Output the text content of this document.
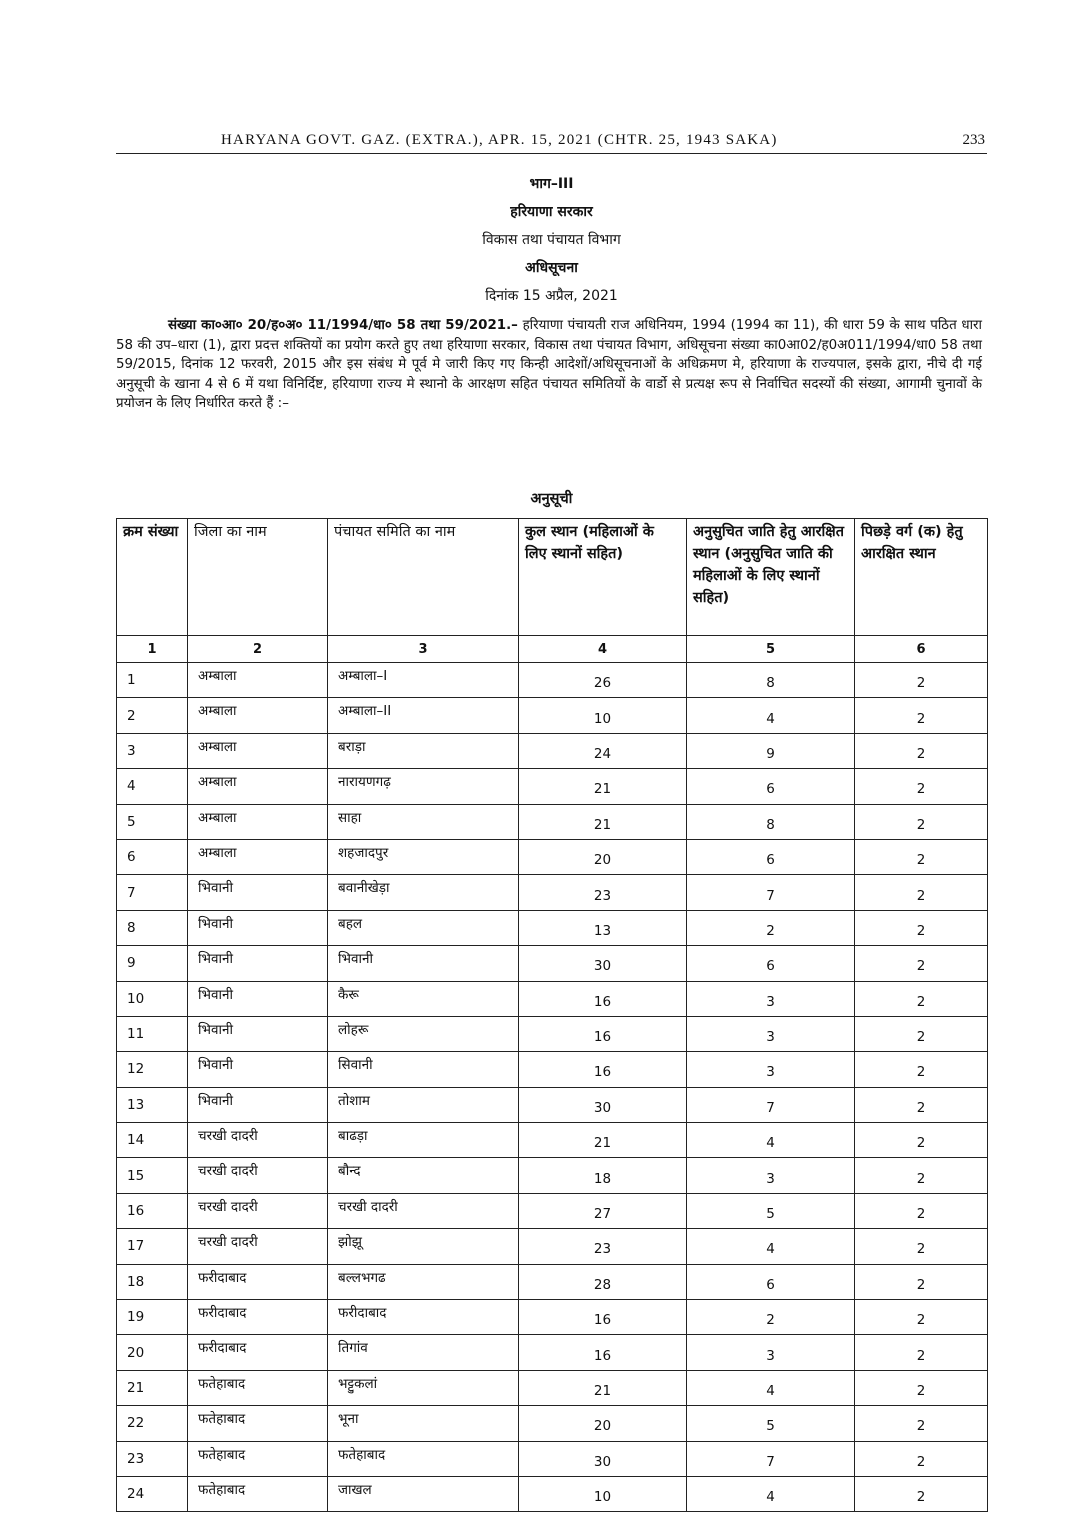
HARYANA GOVT. GAZ. (EXTRA.), APR. 15, 2021 (CHTR. 25, 1943 SAKA)	233
भाग–III
हरियाणा सरकार
विकास तथा पंचायत विभाग
अधिसूचना
दिनांक 15 अप्रैल, 2021
संख्या का०आ० 20/ह०अ० 11/1994/धा० 58 तथा 59/2021.– हरियाणा पंचायती राज अधिनियम, 1994 (1994 का 11), की धारा 59 के साथ पठित धारा 58 की उप–धारा (1), द्वारा प्रदत्त शक्तियों का प्रयोग करते हुए तथा हरियाणा सरकार, विकास तथा पंचायत विभाग, अधिसूचना संख्या का0आ02/ह0अ011/1994/धा0 58 तथा 59/2015, दिनांक 12 फरवरी, 2015 और इस संबंध मे पूर्व मे जारी किए गए किन्ही आदेशों/अधिसूचनाओं के अधिक्रमण मे, हरियाणा के राज्यपाल, इसके द्वारा, नीचे दी गई अनुसूची के खाना 4 से 6 में यथा विनिर्दिष्ट, हरियाणा राज्य मे स्थानो के आरक्षण सहित पंचायत समितियों के वार्डो से प्रत्यक्ष रूप से निर्वाचित सदस्यों की संख्या, आगामी चुनावों के प्रयोजन के लिए निर्धारित करते हैं :–
अनुसूची
क्रम संख्या	जिला का नाम	पंचायत समिति का नाम	कुल स्थान (महिलाओं के लिए स्थानों सहित)	अनुसुचित जाति हेतु आरक्षित स्थान (अनुसुचित जाति की महिलाओं के लिए स्थानों सहित)	पिछड़े वर्ग (क) हेतु आरक्षित स्थान
1	2	3	4	5	6
1	अम्बाला	अम्बाला–I	26	8	2
2	अम्बाला	अम्बाला–II	10	4	2
3	अम्बाला	बराड़ा	24	9	2
4	अम्बाला	नारायणगढ़	21	6	2
5	अम्बाला	साहा	21	8	2
6	अम्बाला	शहजादपुर	20	6	2
7	भिवानी	बवानीखेड़ा	23	7	2
8	भिवानी	बहल	13	2	2
9	भिवानी	भिवानी	30	6	2
10	भिवानी	कैरू	16	3	2
11	भिवानी	लोहरू	16	3	2
12	भिवानी	सिवानी	16	3	2
13	भिवानी	तोशाम	30	7	2
14	चरखी दादरी	बाढड़ा	21	4	2
15	चरखी दादरी	बौन्द	18	3	2
16	चरखी दादरी	चरखी दादरी	27	5	2
17	चरखी दादरी	झोझू	23	4	2
18	फरीदाबाद	बल्लभगढ	28	6	2
19	फरीदाबाद	फरीदाबाद	16	2	2
20	फरीदाबाद	तिगांव	16	3	2
21	फतेहाबाद	भट्टुकलां	21	4	2
22	फतेहाबाद	भूना	20	5	2
23	फतेहाबाद	फतेहाबाद	30	7	2
24	फतेहाबाद	जाखल	10	4	2
